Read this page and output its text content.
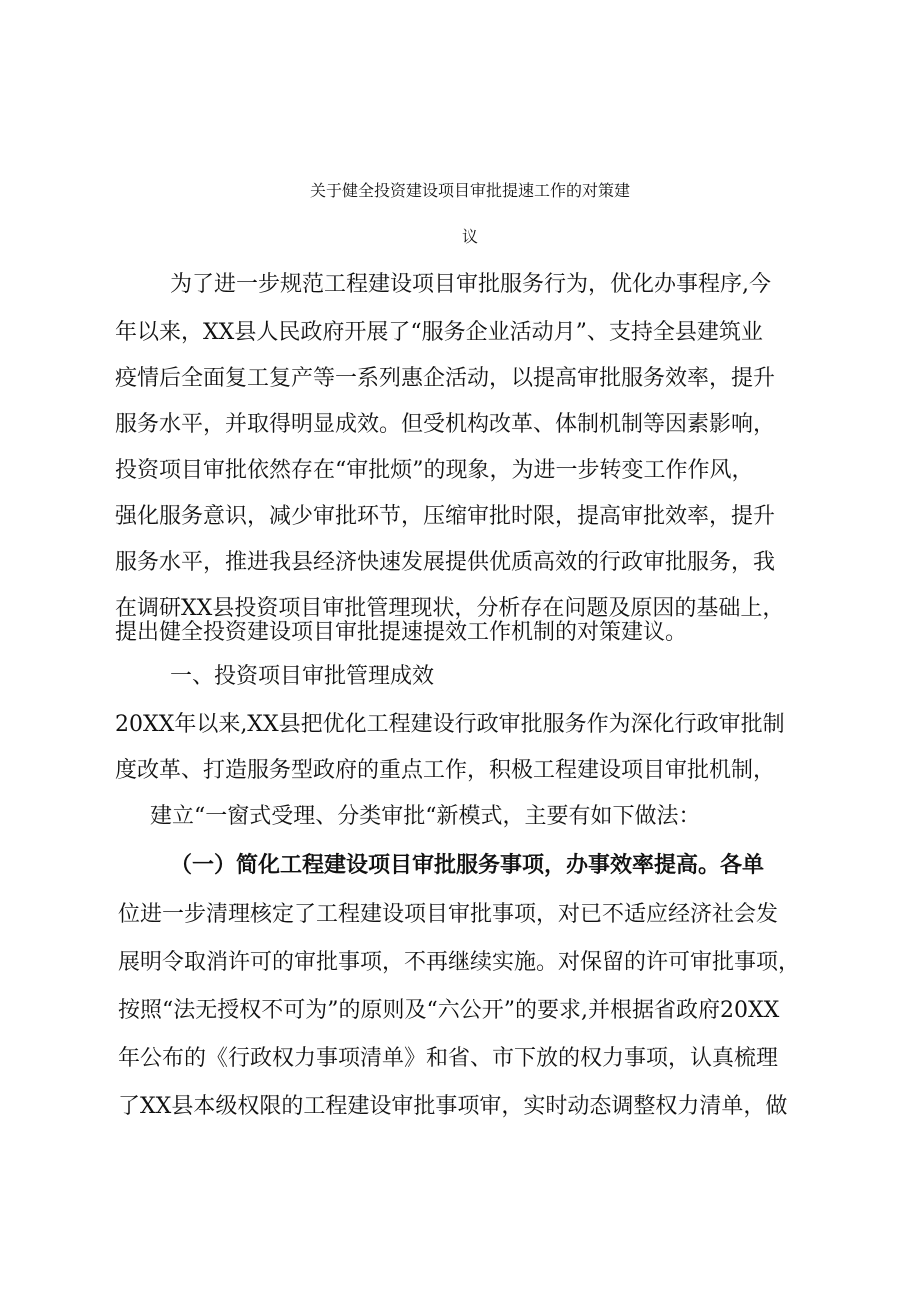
关于健全投资建设项目审批提速工作的对策建
议

为了进一步规范工程建设项目审批服务行为，优化办事程序,今

年以来，XX县人民政府开展了“服务企业活动月”、支持全县建筑业

疫情后全面复工复产等一系列惠企活动，以提高审批服务效率，提升

服务水平，并取得明显成效。但受机构改革、体制机制等因素影响，

投资项目审批依然存在“审批烦”的现象，为进一步转变工作作风，

强化服务意识，减少审批环节，压缩审批时限，提高审批效率，提升

服务水平，推进我县经济快速发展提供优质高效的行政审批服务，我

在调研XX县投资项目审批管理现状，分析存在问题及原因的基础上，

提出健全投资建设项目审批提速提效工作机制的对策建议。

一、投资项目审批管理成效

20XX年以来,XX县把优化工程建设行政审批服务作为深化行政审批制

度改革、打造服务型政府的重点工作，积极工程建设项目审批机制，

建立“一窗式受理、分类审批“新模式，主要有如下做法：

（一）简化工程建设项目审批服务事项，办事效率提高。各单

位进一步清理核定了工程建设项目审批事项，对已不适应经济社会发

展明令取消许可的审批事项，不再继续实施。对保留的许可审批事项，

按照“法无授权不可为”的原则及“六公开”的要求,并根据省政府20XX

年公布的《行政权力事项清单》和省、市下放的权力事项，认真梳理

了XX县本级权限的工程建设审批事项审，实时动态调整权力清单，做
